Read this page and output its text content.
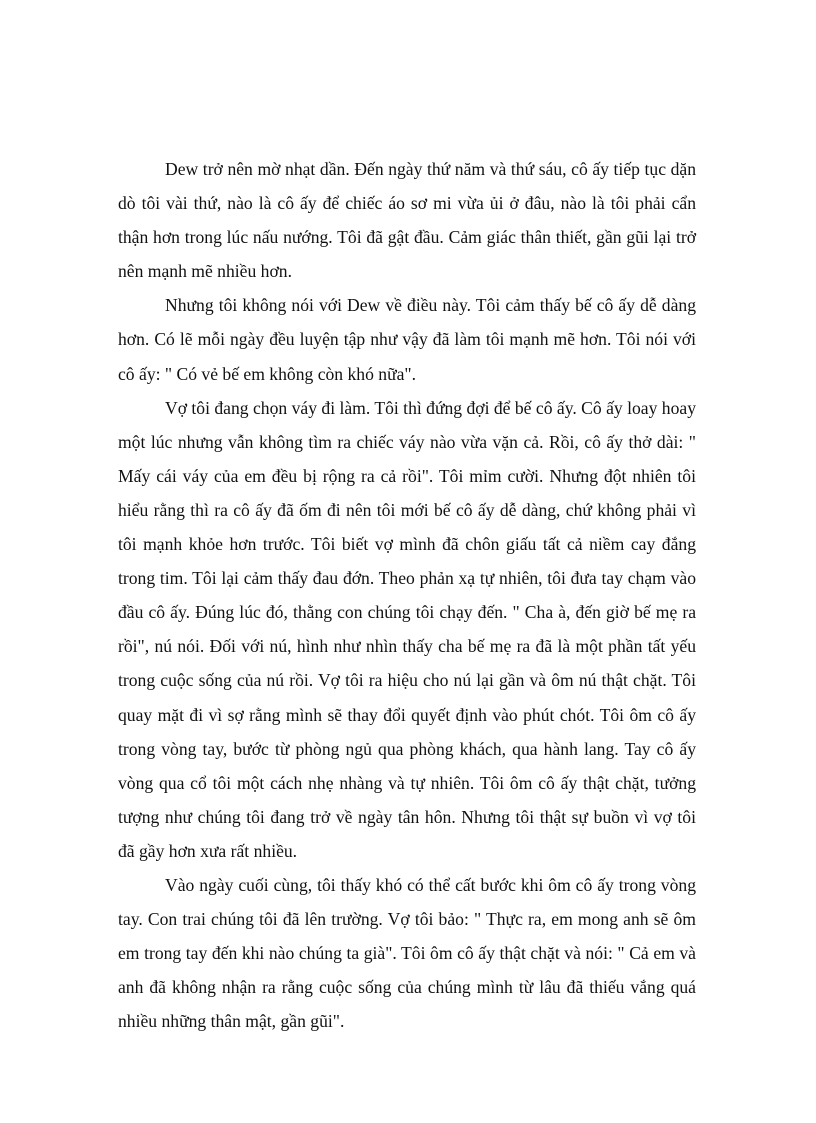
Dew trở nên mờ nhạt dần. Đến ngày thứ năm và thứ sáu, cô ấy tiếp tục dặn dò tôi vài thứ, nào là cô ấy để chiếc áo sơ mi vừa ủi ở đâu, nào là tôi phải cẩn thận hơn trong lúc nấu nướng. Tôi đã gật đầu. Cảm giác thân thiết, gần gũi lại trở nên mạnh mẽ nhiều hơn.

Nhưng tôi không nói với Dew về điều này. Tôi cảm thấy bế cô ấy dễ dàng hơn. Có lẽ mỗi ngày đều luyện tập như vậy đã làm tôi mạnh mẽ hơn. Tôi nói với cô ấy: " Có vẻ bế em không còn khó nữa".

Vợ tôi đang chọn váy đi làm. Tôi thì đứng đợi để bế cô ấy. Cô ấy loay hoay một lúc nhưng vẫn không tìm ra chiếc váy nào vừa vặn cả. Rồi, cô ấy thở dài: " Mấy cái váy của em đều bị rộng ra cả rồi". Tôi mỉm cười. Nhưng đột nhiên tôi hiểu rằng thì ra cô ấy đã ốm đi nên tôi mới bế cô ấy dễ dàng, chứ không phải vì tôi mạnh khỏe hơn trước. Tôi biết vợ mình đã chôn giấu tất cả niềm cay đắng trong tim. Tôi lại cảm thấy đau đớn. Theo phản xạ tự nhiên, tôi đưa tay chạm vào đầu cô ấy. Đúng lúc đó, thằng con chúng tôi chạy đến. " Cha à, đến giờ bế mẹ ra rồi", nú nói. Đối với nú, hình như nhìn thấy cha bế mẹ ra đã là một phần tất yếu trong cuộc sống của nú rồi. Vợ tôi ra hiệu cho nú lại gần và ôm nú thật chặt. Tôi quay mặt đi vì sợ rằng mình sẽ thay đổi quyết định vào phút chót. Tôi ôm cô ấy trong vòng tay, bước từ phòng ngủ qua phòng khách, qua hành lang. Tay cô ấy vòng qua cổ tôi một cách nhẹ nhàng và tự nhiên. Tôi ôm cô ấy thật chặt, tưởng tượng như chúng tôi đang trở về ngày tân hôn. Nhưng tôi thật sự buồn vì vợ tôi đã gầy hơn xưa rất nhiều.

Vào ngày cuối cùng, tôi thấy khó có thể cất bước khi ôm cô ấy trong vòng tay. Con trai chúng tôi đã lên trường. Vợ tôi bảo: " Thực ra, em mong anh sẽ ôm em trong tay đến khi nào chúng ta già". Tôi ôm cô ấy thật chặt và nói: " Cả em và anh đã không nhận ra rằng cuộc sống của chúng mình từ lâu đã thiếu vắng quá nhiều những thân mật, gần gũi".
